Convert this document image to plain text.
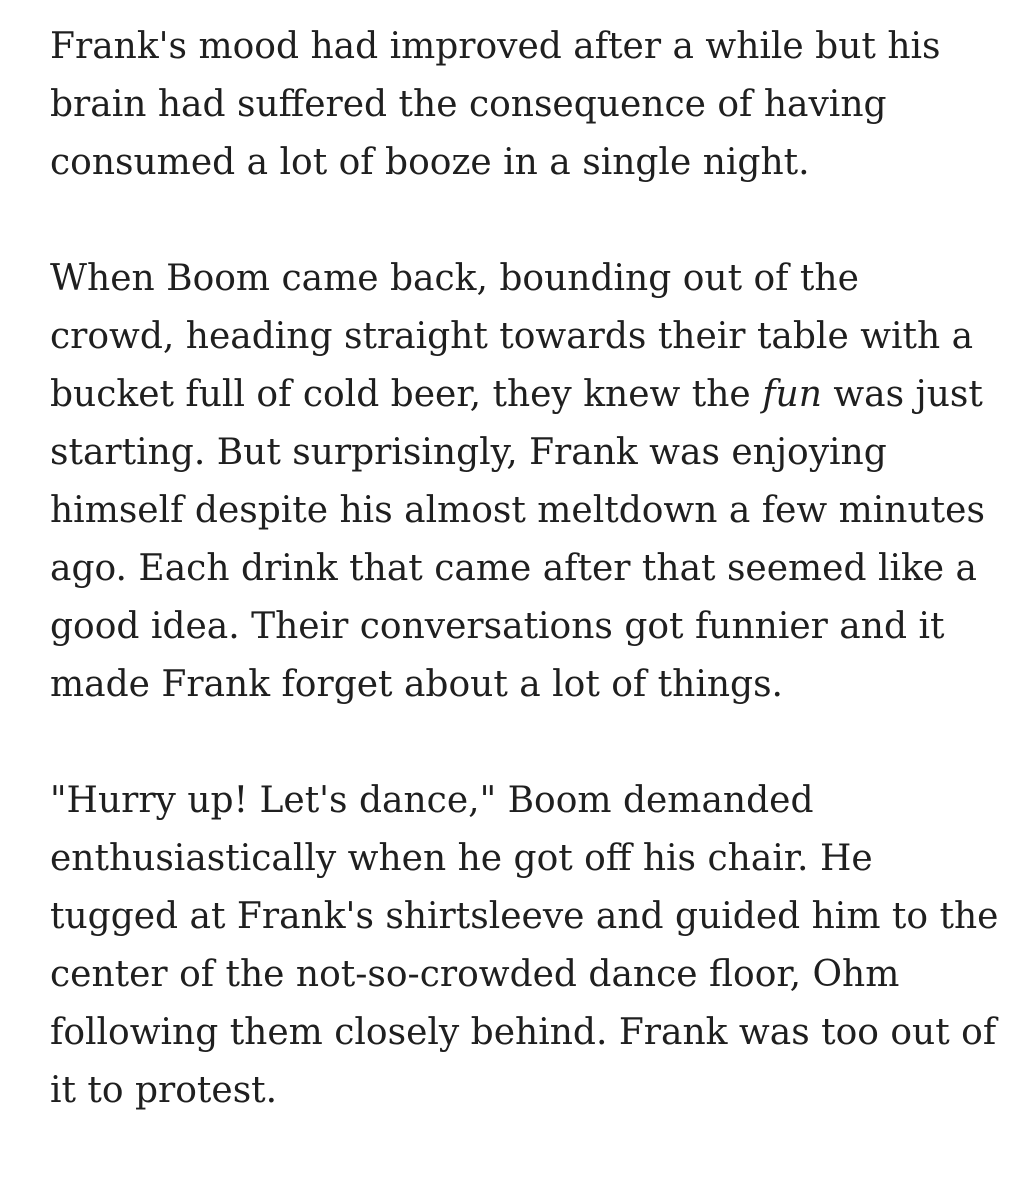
Frank's mood had improved after a while but his
brain had suffered the consequence of having
consumed a lot of booze in a single night.

When Boom came back, bounding out of the
crowd, heading straight towards their table with a
bucket full of cold beer, they knew the fun was just
starting. But surprisingly, Frank was enjoying
himself despite his almost meltdown a few minutes
ago. Each drink that came after that seemed like a
good idea. Their conversations got funnier and it
made Frank forget about a lot of things.

"Hurry up! Let's dance," Boom demanded
enthusiastically when he got off his chair. He
tugged at Frank's shirtsleeve and guided him to the
center of the not-so-crowded dance floor, Ohm
following them closely behind. Frank was too out of
it to protest.
